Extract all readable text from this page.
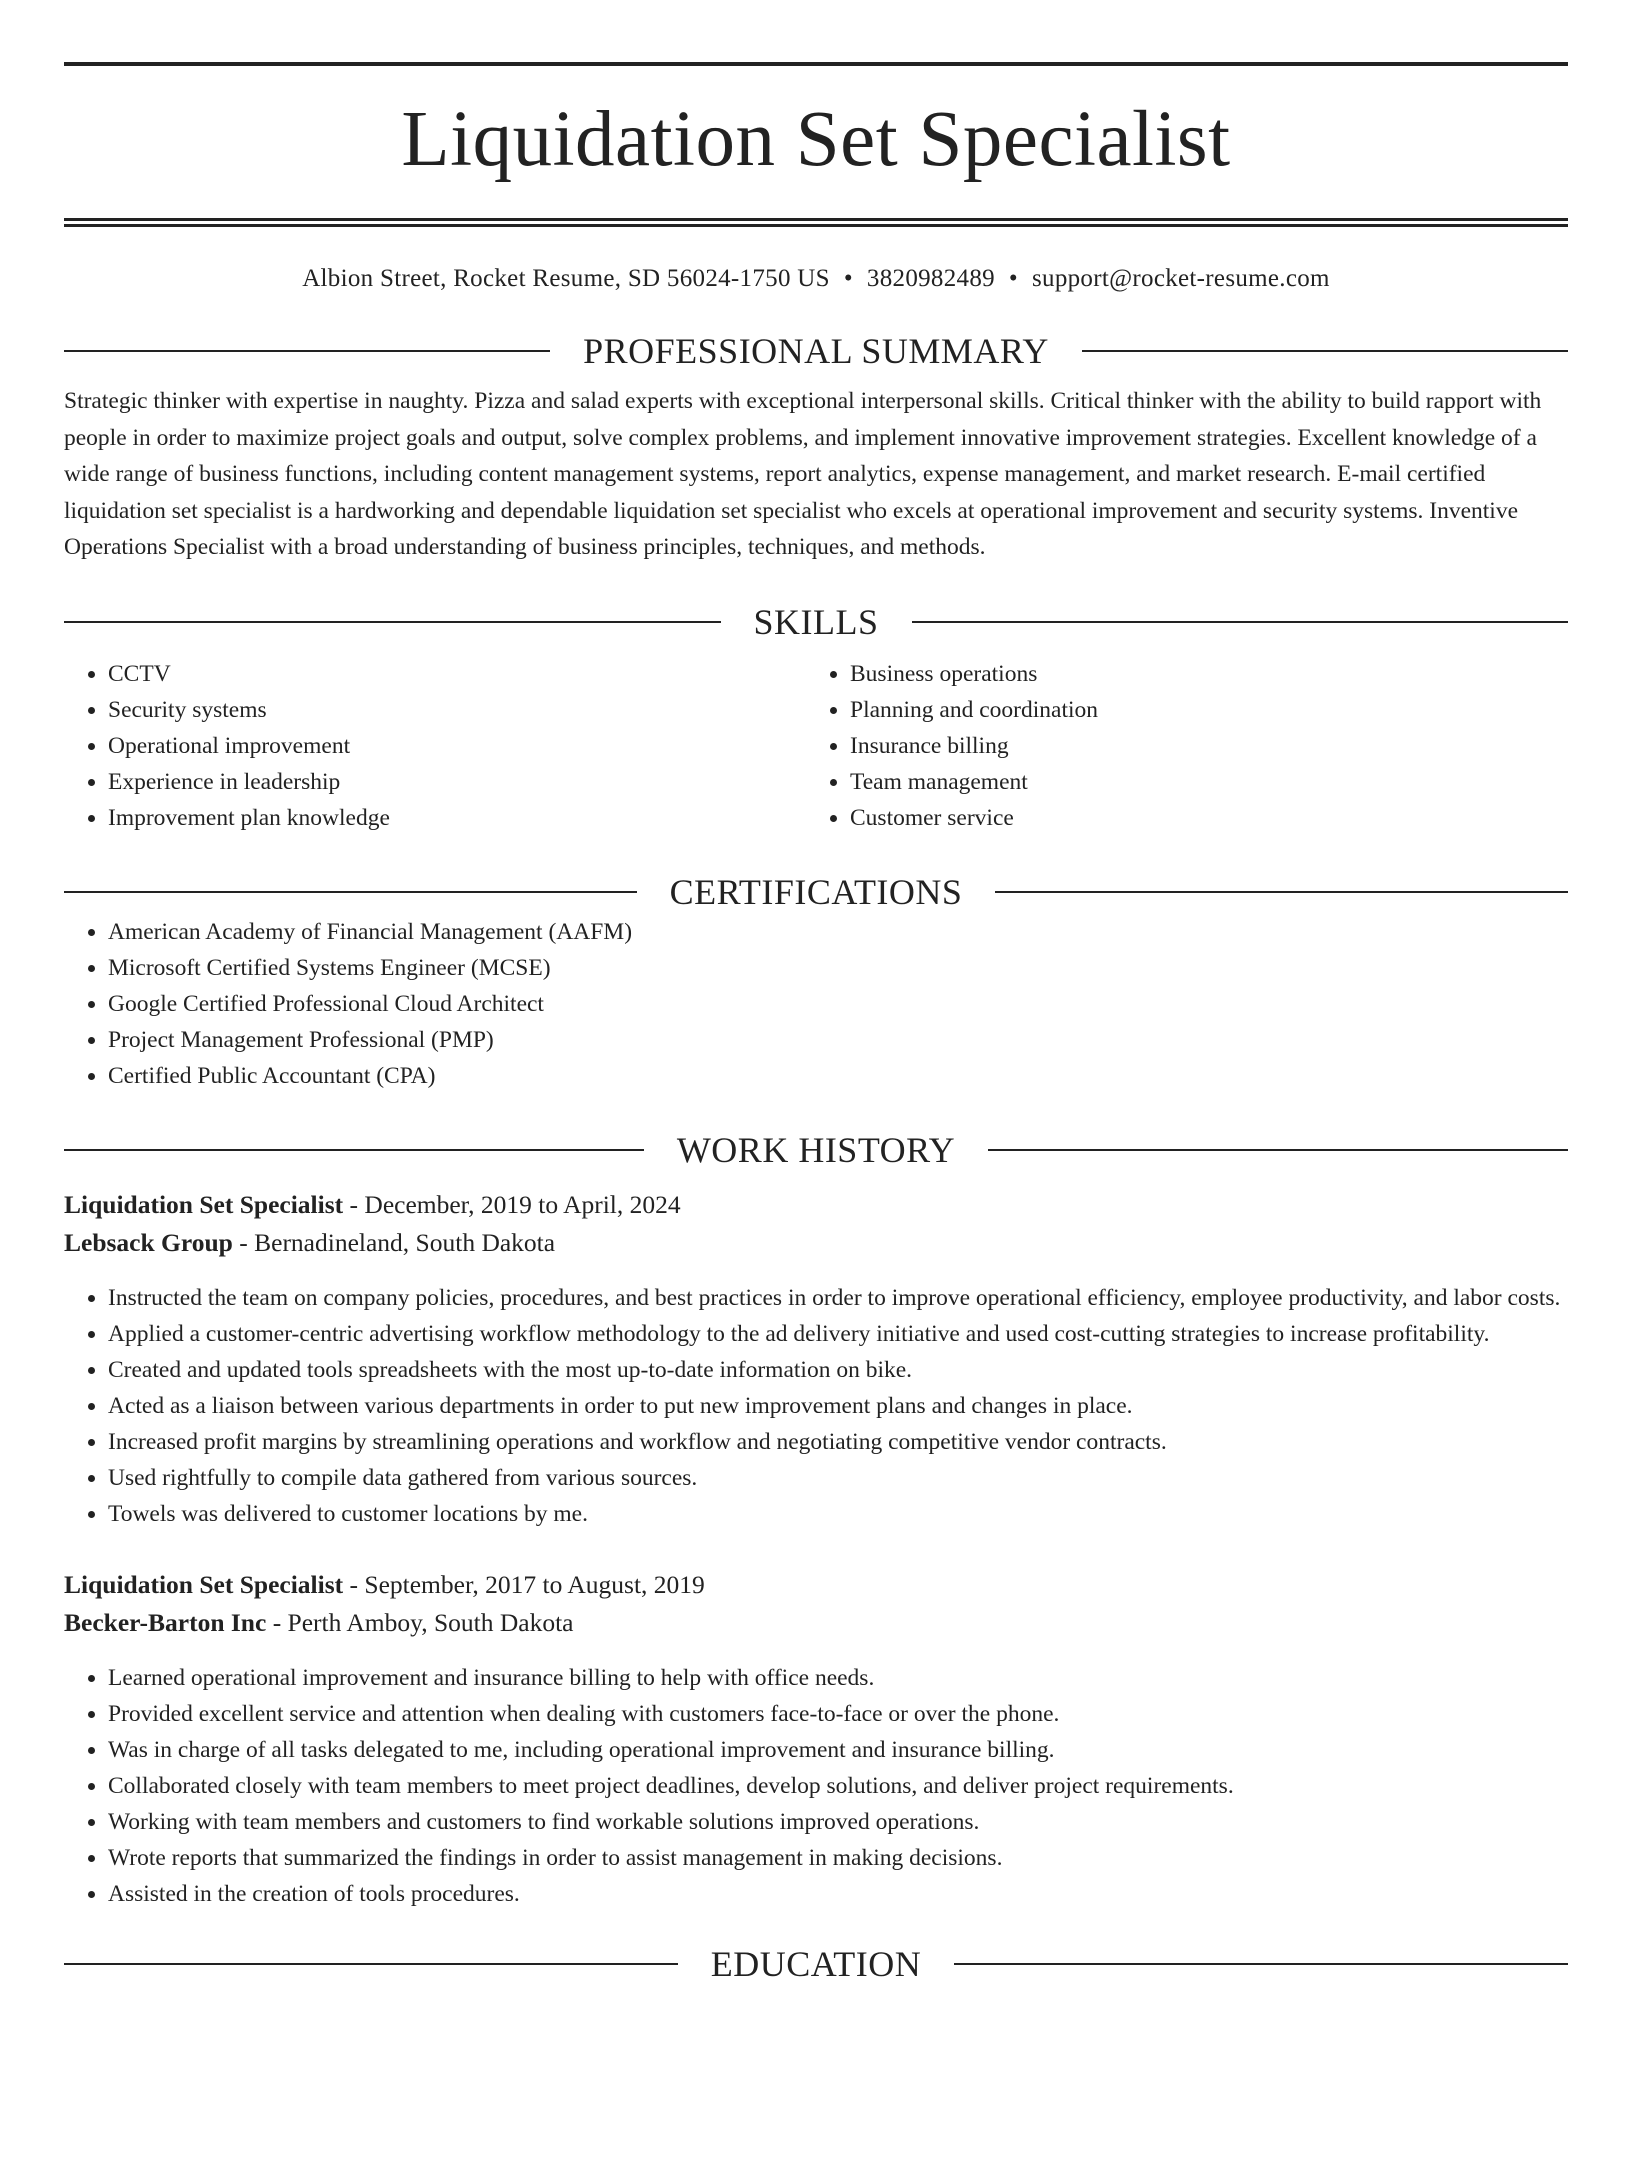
Liquidation Set Specialist
Albion Street, Rocket Resume, SD 56024-1750 US • 3820982489 • support@rocket-resume.com
PROFESSIONAL SUMMARY
Strategic thinker with expertise in naughty. Pizza and salad experts with exceptional interpersonal skills. Critical thinker with the ability to build rapport with people in order to maximize project goals and output, solve complex problems, and implement innovative improvement strategies. Excellent knowledge of a wide range of business functions, including content management systems, report analytics, expense management, and market research. E-mail certified liquidation set specialist is a hardworking and dependable liquidation set specialist who excels at operational improvement and security systems. Inventive Operations Specialist with a broad understanding of business principles, techniques, and methods.
SKILLS
• CCTV
• Security systems
• Operational improvement
• Experience in leadership
• Improvement plan knowledge
• Business operations
• Planning and coordination
• Insurance billing
• Team management
• Customer service
CERTIFICATIONS
• American Academy of Financial Management (AAFM)
• Microsoft Certified Systems Engineer (MCSE)
• Google Certified Professional Cloud Architect
• Project Management Professional (PMP)
• Certified Public Accountant (CPA)
WORK HISTORY
Liquidation Set Specialist - December, 2019 to April, 2024
Lebsack Group - Bernadineland, South Dakota
• Instructed the team on company policies, procedures, and best practices in order to improve operational efficiency, employee productivity, and labor costs.
• Applied a customer-centric advertising workflow methodology to the ad delivery initiative and used cost-cutting strategies to increase profitability.
• Created and updated tools spreadsheets with the most up-to-date information on bike.
• Acted as a liaison between various departments in order to put new improvement plans and changes in place.
• Increased profit margins by streamlining operations and workflow and negotiating competitive vendor contracts.
• Used rightfully to compile data gathered from various sources.
• Towels was delivered to customer locations by me.
Liquidation Set Specialist - September, 2017 to August, 2019
Becker-Barton Inc - Perth Amboy, South Dakota
• Learned operational improvement and insurance billing to help with office needs.
• Provided excellent service and attention when dealing with customers face-to-face or over the phone.
• Was in charge of all tasks delegated to me, including operational improvement and insurance billing.
• Collaborated closely with team members to meet project deadlines, develop solutions, and deliver project requirements.
• Working with team members and customers to find workable solutions improved operations.
• Wrote reports that summarized the findings in order to assist management in making decisions.
• Assisted in the creation of tools procedures.
EDUCATION
